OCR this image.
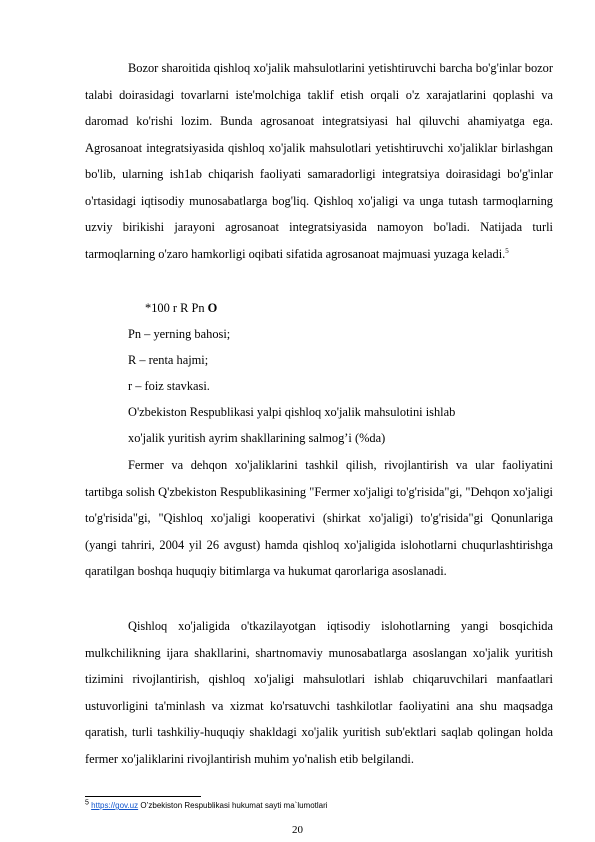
Bozor sharoitida qishloq xo'jalik mahsulotlarini yetishtiruvchi barcha bo'g'inlar bozor talabi doirasidagi tovarlarni iste'molchiga taklif etish orqali o'z xarajatlarini qoplashi va daromad ko'rishi lozim. Bunda agrosanoat integratsiyasi hal qiluvchi ahamiyatga ega. Agrosanoat integratsiyasida qishloq xo'jalik mahsulotlari yetishtiruvchi xo'jaliklar birlashgan bo'lib, ularning ish1ab chiqarish faoliyati samaradorligi integratsiya doirasidagi bo'g'inlar o'rtasidagi iqtisodiy munosabatlarga bog'liq. Qishloq xo'jaligi va unga tutash tarmoqlarning uzviy birikishi jarayoni agrosanoat integratsiyasida namoyon bo'ladi. Natijada turli tarmoqlarning o'zaro hamkorligi oqibati sifatida agrosanoat majmuasi yuzaga keladi.$^5$

*100 r R Pn O

Pn – yerning bahosi;

R – renta hajmi;

r – foiz stavkasi.

O'zbekiston Respublikasi yalpi qishloq xo'jalik mahsulotini ishlab

xo'jalik yuritish ayrim shakllarining salmog’i (%da)

Fermer va dehqon xo'jaliklarini tashkil qilish, rivojlantirish va ular faoliyatini tartibga solish Q'zbekiston Respublikasining "Fermer xo'jaligi to'g'risida"gi, "Dehqon xo'jaligi to'g'risida"gi, "Qishloq xo'jaligi kooperativi (shirkat xo'jaligi) to'g'risida"gi Qonunlariga (yangi tahriri, 2004 yil 26 avgust) hamda qishloq xo'jaligida islohotlarni chuqurlashtirishga qaratilgan boshqa huquqiy bitimlarga va hukumat qarorlariga asoslanadi.

Qishloq xo'jaligida o'tkazilayotgan iqtisodiy islohotlarning yangi bosqichida mulkchilikning ijara shakllarini, shartnomaviy munosabatlarga asoslangan xo'jalik yuritish tizimini rivojlantirish, qishloq xo'jaligi mahsulotlari ishlab chiqaruvchilari manfaatlari ustuvorligini ta'minlash va xizmat ko'rsatuvchi tashkilotlar faoliyatini ana shu maqsadga qaratish, turli tashkiliy-huquqiy shakldagi xo'jalik yuritish sub'ektlari saqlab qolingan holda fermer xo'jaliklarini rivojlantirish muhim yo'nalish etib belgilandi.

5 https://gov.uz O’zbekiston Respublikasi hukumat sayti ma`lumotlari
20
